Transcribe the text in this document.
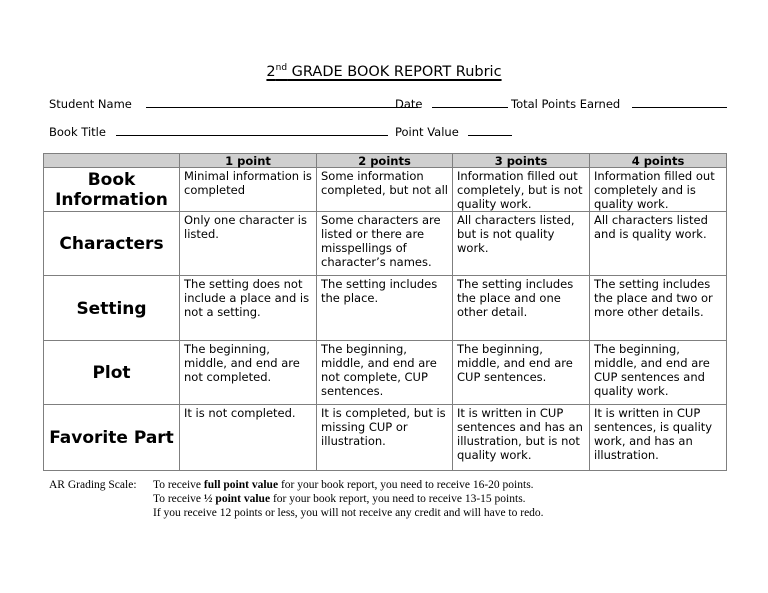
2nd GRADE BOOK REPORT Rubric
Student Name	Date	Total Points Earned
Book Title	Point Value
	1 point	2 points	3 points	4 points
Book Information	Minimal information is completed	Some information completed, but not all	Information filled out completely, but is not quality work.	Information filled out completely and is quality work.
Characters	Only one character is listed.	Some characters are listed or there are misspellings of character’s names.	All characters listed, but is not quality work.	All characters listed and is quality work.
Setting	The setting does not include a place and is not a setting.	The setting includes the place.	The setting includes the place and one other detail.	The setting includes the place and two or more other details.
Plot	The beginning, middle, and end are not completed.	The beginning, middle, and end are not complete, CUP sentences.	The beginning, middle, and end are CUP sentences.	The beginning, middle, and end are CUP sentences and quality work.
Favorite Part	It is not completed.	It is completed, but is missing CUP or illustration.	It is written in CUP sentences and has an illustration, but is not quality work.	It is written in CUP sentences, is quality work, and has an illustration.
AR Grading Scale: To receive full point value for your book report, you need to receive 16-20 points.
To receive ½ point value for your book report, you need to receive 13-15 points.
If you receive 12 points or less, you will not receive any credit and will have to redo.
